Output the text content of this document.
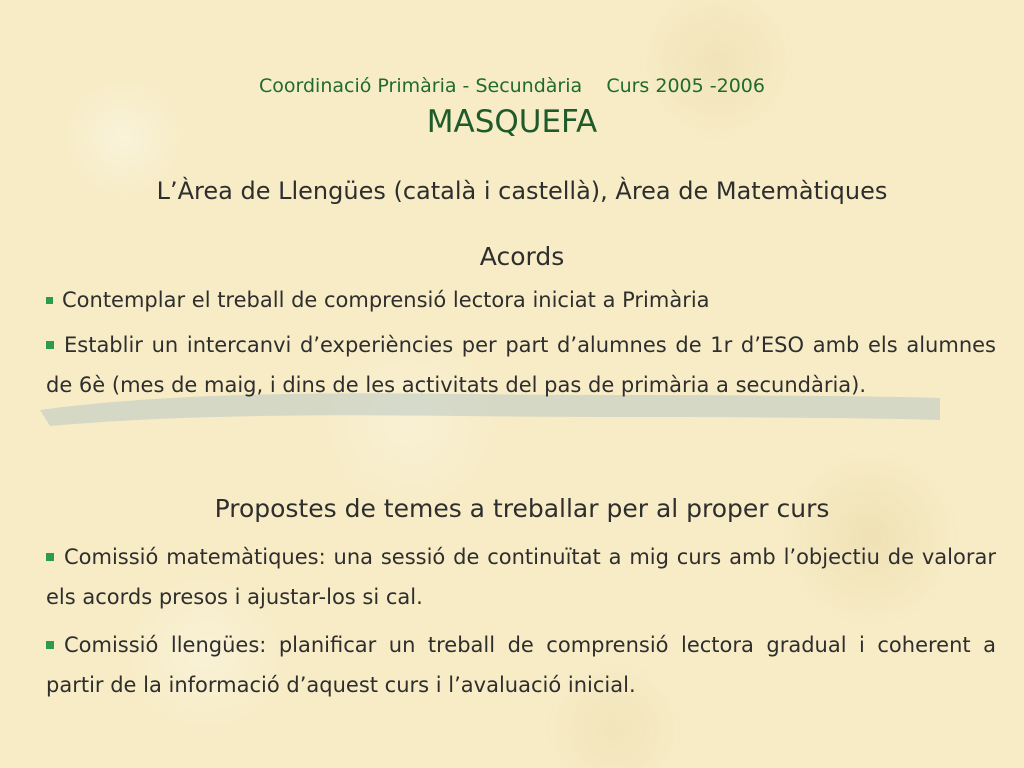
Coordinació Primària - Secundària    Curs 2005 -2006
MASQUEFA
L’Àrea de Llengües (català i castellà), Àrea de Matemàtiques
Acords
Contemplar el treball de comprensió lectora iniciat a Primària
Establir un intercanvi d’experiències per part d’alumnes de 1r d’ESO amb els alumnes de 6è (mes de maig, i dins de les activitats del pas de primària a secundària).
Propostes de temes a treballar per al proper curs
Comissió matemàtiques: una sessió de continuïtat a mig curs amb l’objectiu de valorar els acords presos i ajustar-los si cal.
Comissió llengües: planificar un treball de comprensió lectora gradual i coherent a partir de la informació d’aquest curs i l’avaluació inicial.
